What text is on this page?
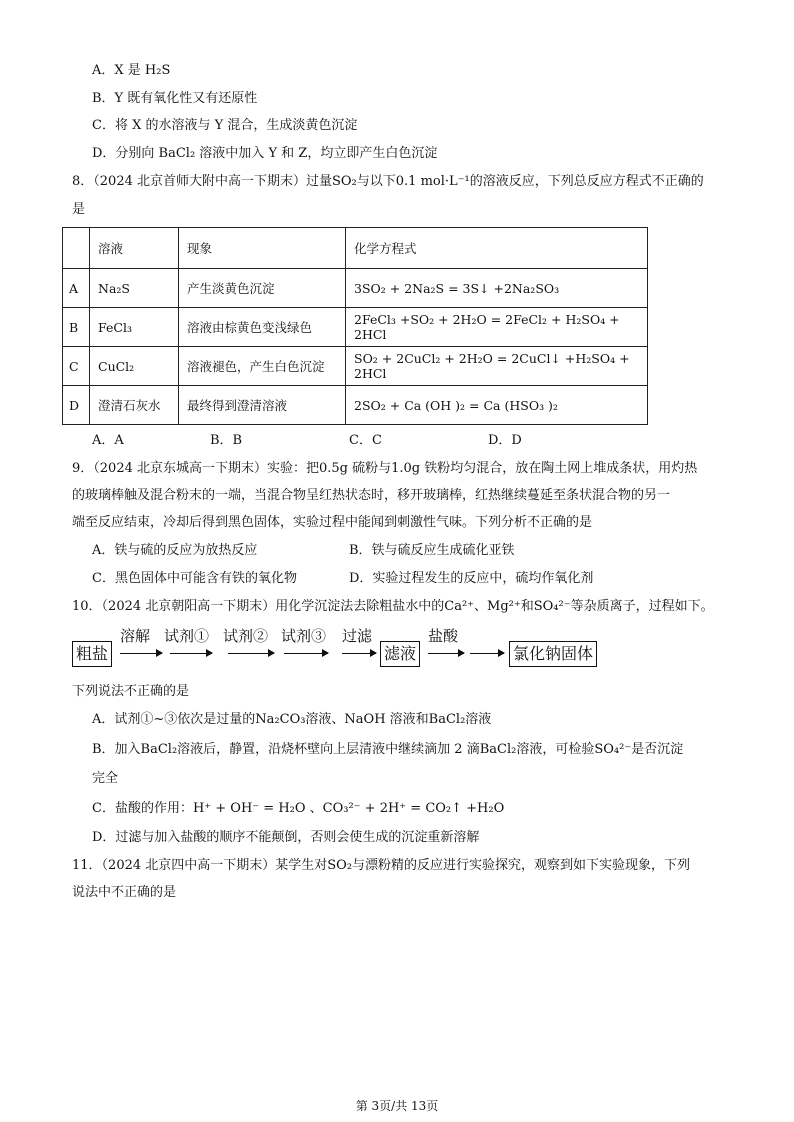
A．X 是 H₂S
B．Y 既有氧化性又有还原性
C．将 X 的水溶液与 Y 混合，生成淡黄色沉淀
D．分别向 BaCl₂ 溶液中加入 Y 和 Z，均立即产生白色沉淀
8．（2024 北京首师大附中高一下期末）过量SO₂与以下0.1 mol·L⁻¹的溶液反应，下列总反应方程式不正确的
是
	溶液	现象	化学方程式
A	Na₂S	产生淡黄色沉淀	3SO₂ + 2Na₂S = 3S↓ +2Na₂SO₃
B	FeCl₃	溶液由棕黄色变浅绿色	2FeCl₃ +SO₂ + 2H₂O = 2FeCl₂ + H₂SO₄ + 2HCl
C	CuCl₂	溶液褪色，产生白色沉淀	SO₂ + 2CuCl₂ + 2H₂O = 2CuCl↓ +H₂SO₄ + 2HCl
D	澄清石灰水	最终得到澄清溶液	2SO₂ + Ca (OH )₂ = Ca (HSO₃ )₂
A．A	B．B	C．C	D．D
9．（2024 北京东城高一下期末）实验：把0.5g 硫粉与1.0g 铁粉均匀混合，放在陶土网上堆成条状，用灼热
的玻璃棒触及混合粉末的一端，当混合物呈红热状态时，移开玻璃棒，红热继续蔓延至条状混合物的另一
端至反应结束，冷却后得到黑色固体，实验过程中能闻到刺激性气味。下列分析不正确的是
A．铁与硫的反应为放热反应	B．铁与硫反应生成硫化亚铁
C．黑色固体中可能含有铁的氧化物	D．实验过程发生的反应中，硫均作氧化剂
10．（2024 北京朝阳高一下期末）用化学沉淀法去除粗盐水中的Ca²⁺、Mg²⁺和SO₄²⁻等杂质离子，过程如下。
粗盐
溶解 试剂① 试剂② 试剂③ 过滤
滤液
盐酸
氯化钠固体
下列说法不正确的是
A．试剂①~③依次是过量的Na₂CO₃溶液、NaOH 溶液和BaCl₂溶液
B．加入BaCl₂溶液后，静置，沿烧杯壁向上层清液中继续滴加 2 滴BaCl₂溶液，可检验SO₄²⁻是否沉淀
完全
C．盐酸的作用：H⁺ + OH⁻ = H₂O 、CO₃²⁻ + 2H⁺ = CO₂↑ +H₂O
D．过滤与加入盐酸的顺序不能颠倒，否则会使生成的沉淀重新溶解
11．（2024 北京四中高一下期末）某学生对SO₂与漂粉精的反应进行实验探究，观察到如下实验现象，下列
说法中不正确的是
第 3页/共 13页
